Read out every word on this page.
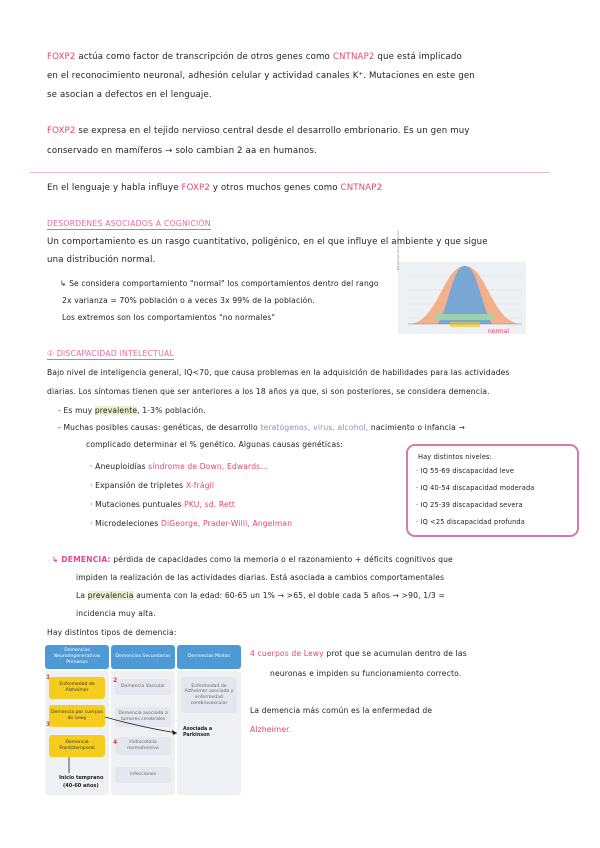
FOXP2 actúa como factor de transcripción de otros genes como CNTNAP2 que está implicado
en el reconocimiento neuronal, adhesión celular y actividad canales K⁺. Mutaciones en este gen
se asocian a defectos en el lenguaje.
FOXP2 se expresa en el tejido nervioso central desde el desarrollo embrionario. Es un gen muy
conservado en mamíferos → solo cambian 2 aa en humanos.
En el lenguaje y habla influye FOXP2 y otros muchos genes como CNTNAP2
DESORDENES ASOCIADOS A COGNICIÓN
Un comportamiento es un rasgo cuantitativo, poligénico, en el que influye el ambiente y que sigue
una distribución normal.
↳ Se considera comportamiento "normal" los comportamientos dentro del rango
2x varianza = 70% población o a veces 3x 99% de la población.
Los extremos son los comportamientos "no normales"
Porcentaje de la población
normal
① DISCAPACIDAD INTELECTUAL
Bajo nivel de inteligencia general, IQ<70, que causa problemas en la adquisición de habilidades para las actividades
diarias. Los síntomas tienen que ser anteriores a los 18 años ya que, si son posteriores, se considera demencia.
- Es muy prevalente, 1-3% población.
- Muchas posibles causas: genéticas, de desarrollo teratógenos, virus, alcohol, nacimiento o infancia →
complicado determinar el % genético. Algunas causas genéticas:
· Aneuploidías síndrome de Down, Edwards...
· Expansión de tripletes X-frágil
· Mutaciones puntuales PKU, sd. Rett
· Microdeleciones DiGeorge, Prader-Willi, Angelman
Hay distintos niveles:
· IQ 55-69 discapacidad leve
· IQ 40-54 discapacidad moderada
· IQ 25-39 discapacidad severa
· IQ <25 discapacidad profunda
↳ DEMENCIA: pérdida de capacidades como la memoria o el razonamiento + déficits cognitivos que
impiden la realización de las actividades diarias. Está asociada a cambios comportamentales
La prevalencia aumenta con la edad: 60-65 un 1% → >65, el doble cada 5 años → >90, 1/3 =
incidencia muy alta.
Hay distintos tipos de demencia:
Demencias Neurodegenerativas Primarias
Demencias Secundarias	Demencias Mixtas
Enfermedad de Alzheimer
Demencia por cuerpos de Lewy
Demencia Frontotemporal
Demencia Vascular
Demencia asociada a tumores cerebrales
Hidrocefalia normotensiva
Infecciones
Enfermedad de Alzheimer asociada y enfermedad cerebrovascular
1	2
3
4
Asociada a Parkinson
Inicio temprano
(40-60 años)
4 cuerpos de Lewy prot que se acumulan dentro de las
neuronas e impiden su funcionamiento correcto.
La demencia más común es la enfermedad de
Alzheimer.
